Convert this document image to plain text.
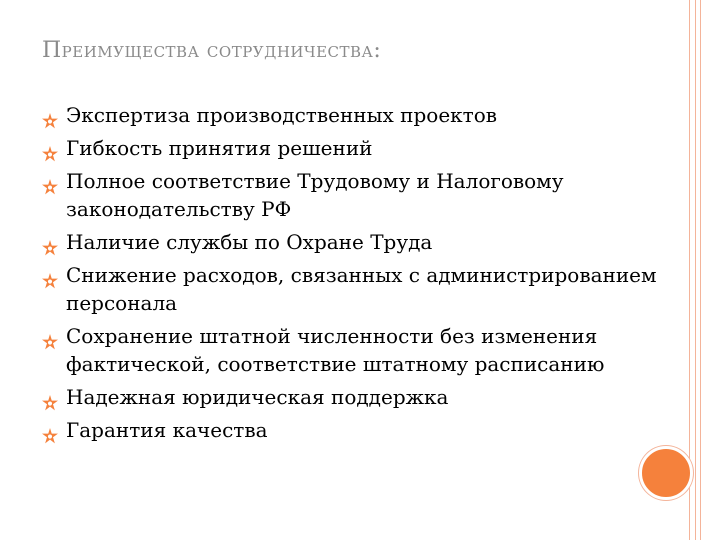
Преимущества сотрудничества:
Экспертиза производственных проектов
Гибкость принятия решений
Полное соответствие Трудовому и Налоговому законодательству РФ
Наличие службы по Охране Труда
Снижение расходов, связанных с администрированием персонала
Сохранение штатной численности без изменения фактической, соответствие штатному расписанию
Надежная юридическая поддержка
Гарантия качества
